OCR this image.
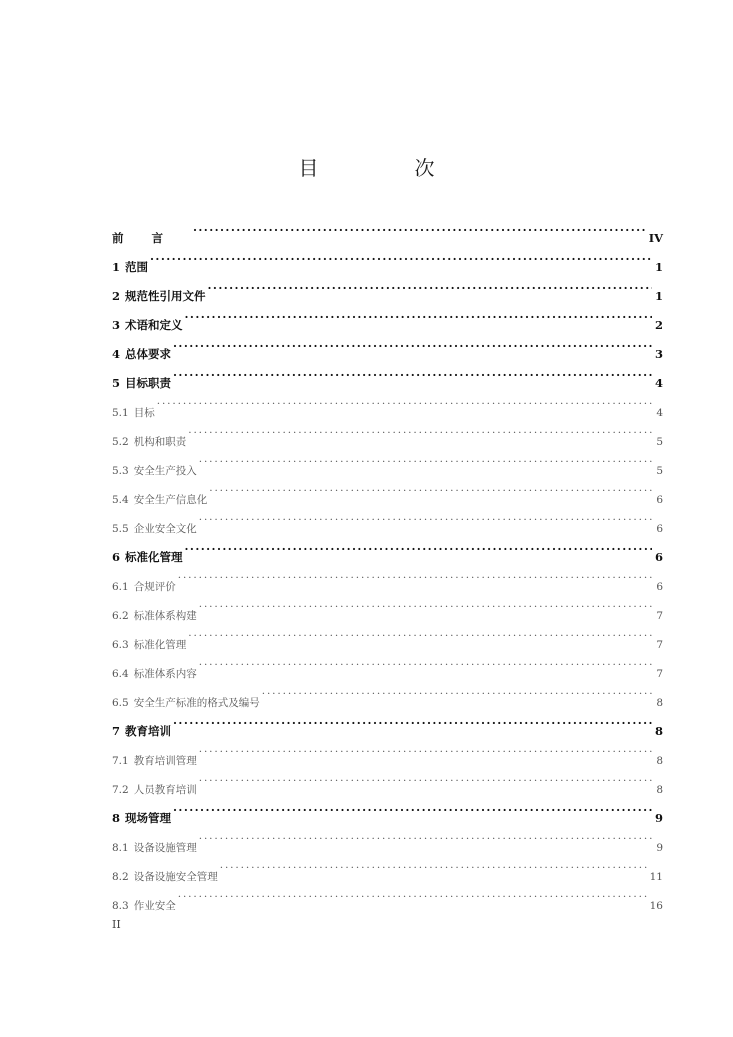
目　次
前言 .....	IV
1 范围 .....	1
2 规范性引用文件 .....	1
3 术语和定义 .....	2
4 总体要求 .....	3
5 目标职责 .....	4
5.1 目标 .....	4
5.2 机构和职责 .....	5
5.3 安全生产投入 .....	5
5.4 安全生产信息化 .....	6
5.5 企业安全文化 .....	6
6 标准化管理 .....	6
6.1 合规评价 .....	6
6.2 标准体系构建 .....	7
6.3 标准化管理 .....	7
6.4 标准体系内容 .....	7
6.5 安全生产标准的格式及编号 .....	8
7 教育培训 .....	8
7.1 教育培训管理 .....	8
7.2 人员教育培训 .....	8
8 现场管理 .....	9
8.1 设备设施管理 .....	9
8.2 设备设施安全管理 .....	11
8.3 作业安全 .....	16
II
